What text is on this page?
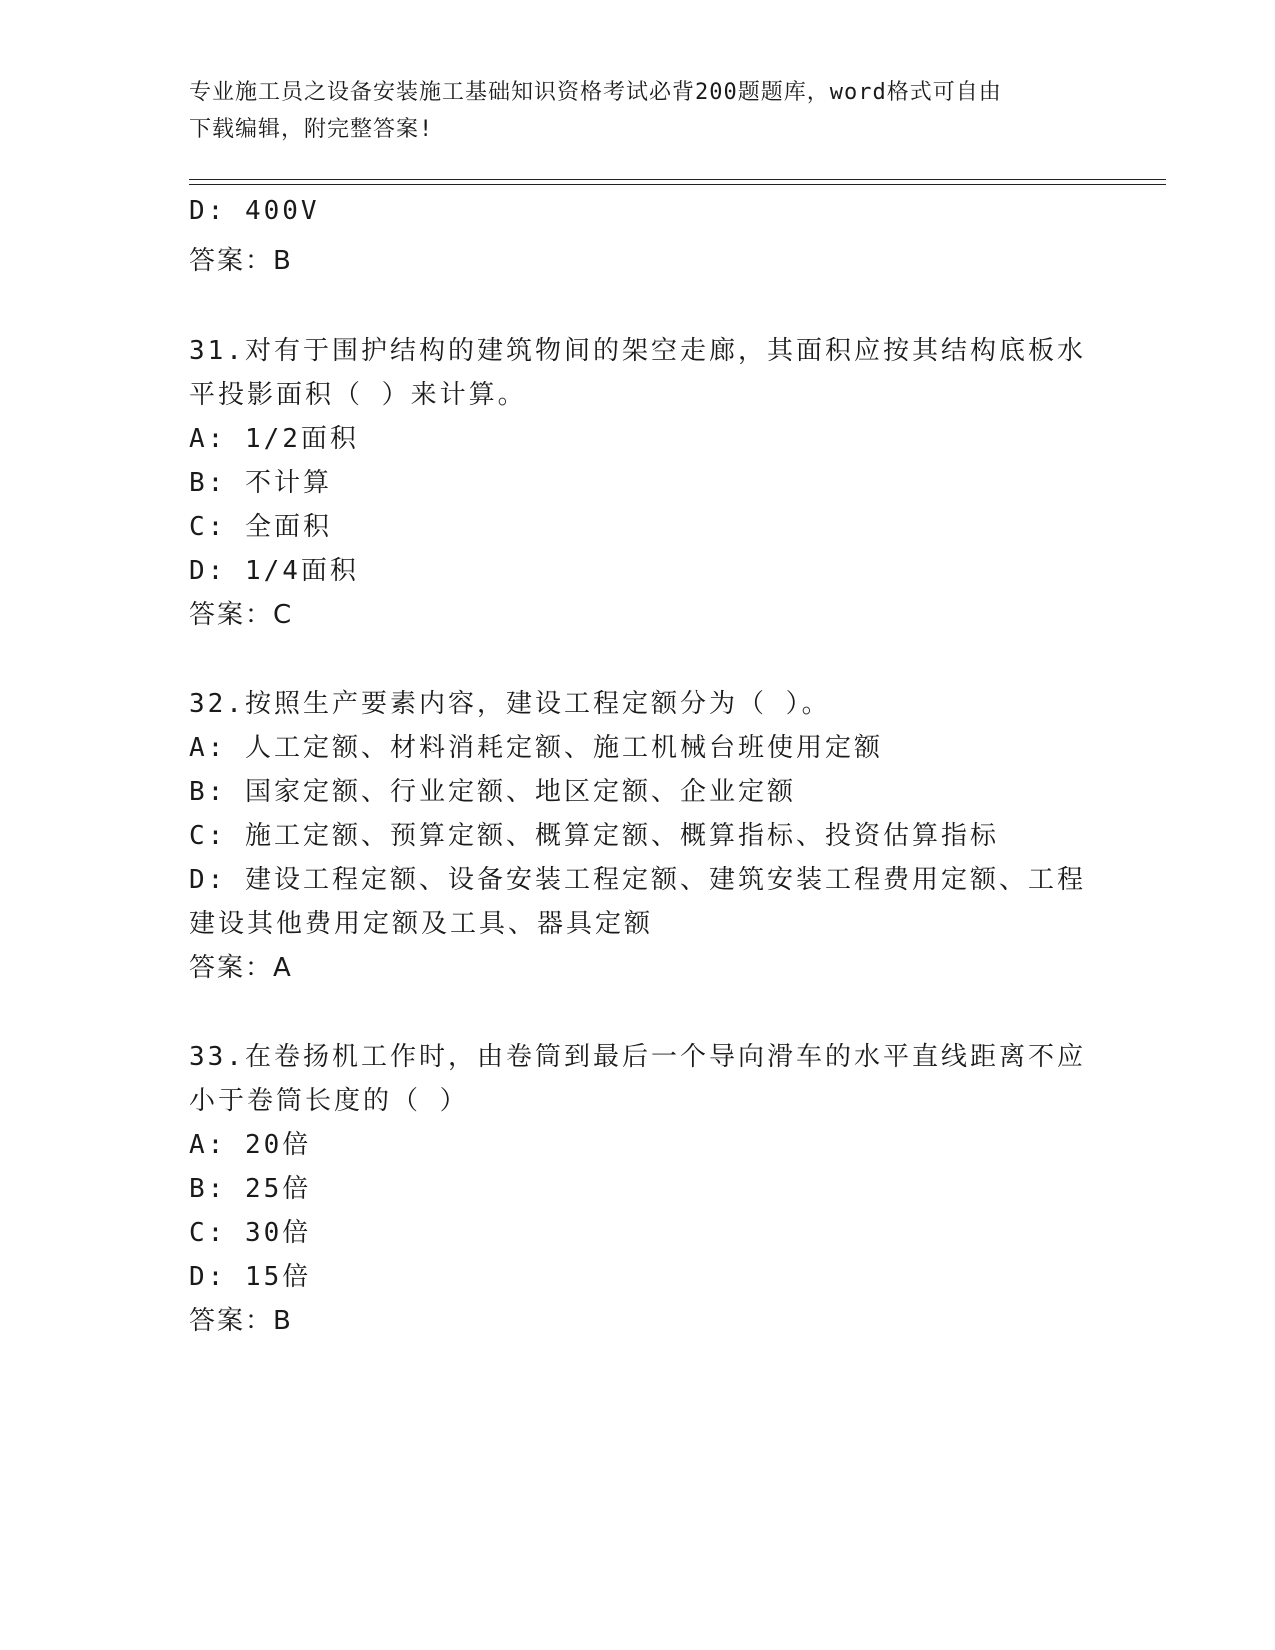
专业施工员之设备安装施工基础知识资格考试必背200题题库，word格式可自由
下载编辑，附完整答案!
D: 400V
答案：B
31.对有于围护结构的建筑物间的架空走廊，其面积应按其结构底板水
平投影面积（ ）来计算。
A: 1/2面积
B: 不计算
C: 全面积
D: 1/4面积
答案：C
32.按照生产要素内容，建设工程定额分为（ ）。
A: 人工定额、材料消耗定额、施工机械台班使用定额
B: 国家定额、行业定额、地区定额、企业定额
C: 施工定额、预算定额、概算定额、概算指标、投资估算指标
D: 建设工程定额、设备安装工程定额、建筑安装工程费用定额、工程
建设其他费用定额及工具、器具定额
答案：A
33.在卷扬机工作时，由卷筒到最后一个导向滑车的水平直线距离不应
小于卷筒长度的（ ）
A: 20倍
B: 25倍
C: 30倍
D: 15倍
答案：B
